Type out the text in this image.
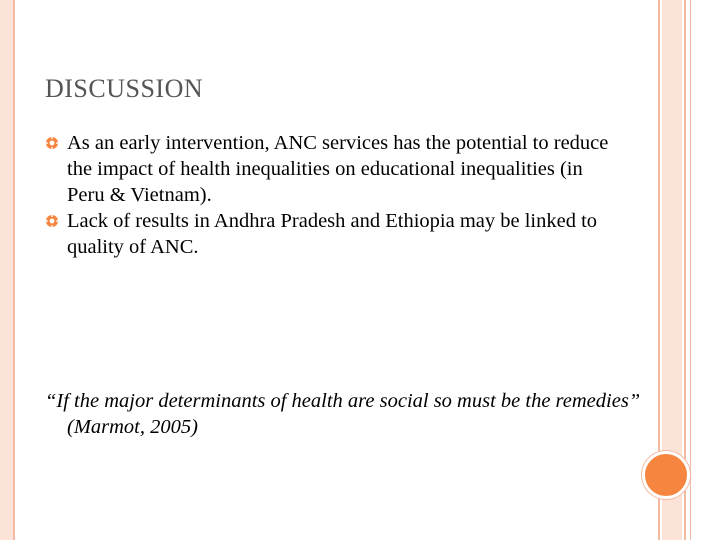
DISCUSSION
As an early intervention, ANC services has the potential to reduce the impact of health inequalities on educational inequalities (in Peru & Vietnam).
Lack of results in Andhra Pradesh and Ethiopia may be linked to quality of ANC.

“If the major determinants of health are social so must be the remedies” (Marmot, 2005)
